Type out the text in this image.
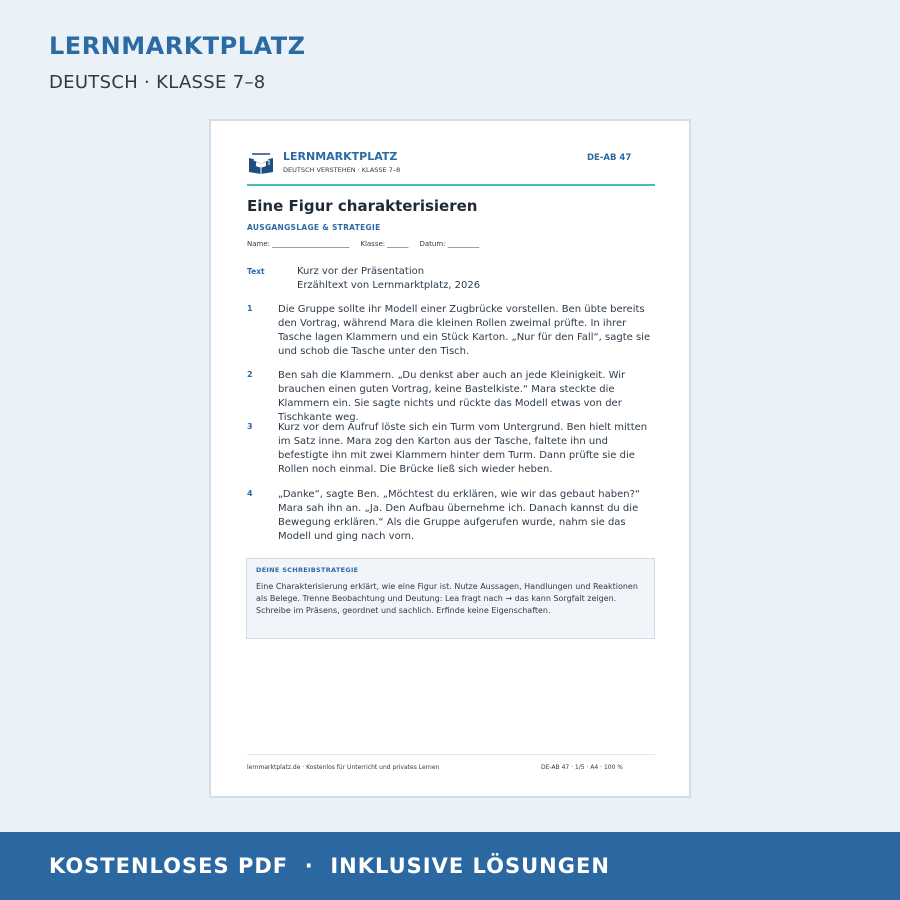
LERNMARKTPLATZ
DEUTSCH · KLASSE 7–8
LERNMARKTPLATZ
DEUTSCH VERSTEHEN · KLASSE 7–8
DE-AB 47
Eine Figur charakterisieren
AUSGANGSLAGE & STRATEGIE
Name: ______________________     Klasse: ______     Datum: _________
Text	Kurz vor der Präsentation
Erzähltext von Lernmarktplatz, 2026
1	Die Gruppe sollte ihr Modell einer Zugbrücke vorstellen. Ben übte bereits den Vortrag, während Mara die kleinen Rollen zweimal prüfte. In ihrer Tasche lagen Klammern und ein Stück Karton. „Nur für den Fall“, sagte sie und schob die Tasche unter den Tisch.
2	Ben sah die Klammern. „Du denkst aber auch an jede Kleinigkeit. Wir brauchen einen guten Vortrag, keine Bastelkiste.“ Mara steckte die Klammern ein. Sie sagte nichts und rückte das Modell etwas von der Tischkante weg.
3	Kurz vor dem Aufruf löste sich ein Turm vom Untergrund. Ben hielt mitten im Satz inne. Mara zog den Karton aus der Tasche, faltete ihn und befestigte ihn mit zwei Klammern hinter dem Turm. Dann prüfte sie die Rollen noch einmal. Die Brücke ließ sich wieder heben.
4	„Danke“, sagte Ben. „Möchtest du erklären, wie wir das gebaut haben?“ Mara sah ihn an. „Ja. Den Aufbau übernehme ich. Danach kannst du die Bewegung erklären.“ Als die Gruppe aufgerufen wurde, nahm sie das Modell und ging nach vorn.
DEINE SCHREIBSTRATEGIE
Eine Charakterisierung erklärt, wie eine Figur ist. Nutze Aussagen, Handlungen und Reaktionen als Belege. Trenne Beobachtung und Deutung: Lea fragt nach → das kann Sorgfalt zeigen. Schreibe im Präsens, geordnet und sachlich. Erfinde keine Eigenschaften.
lernmarktplatz.de · Kostenlos für Unterricht und privates Lernen	DE-AB 47 · 1/5 · A4 · 100 %
KOSTENLOSES PDF  ·  INKLUSIVE LÖSUNGEN
